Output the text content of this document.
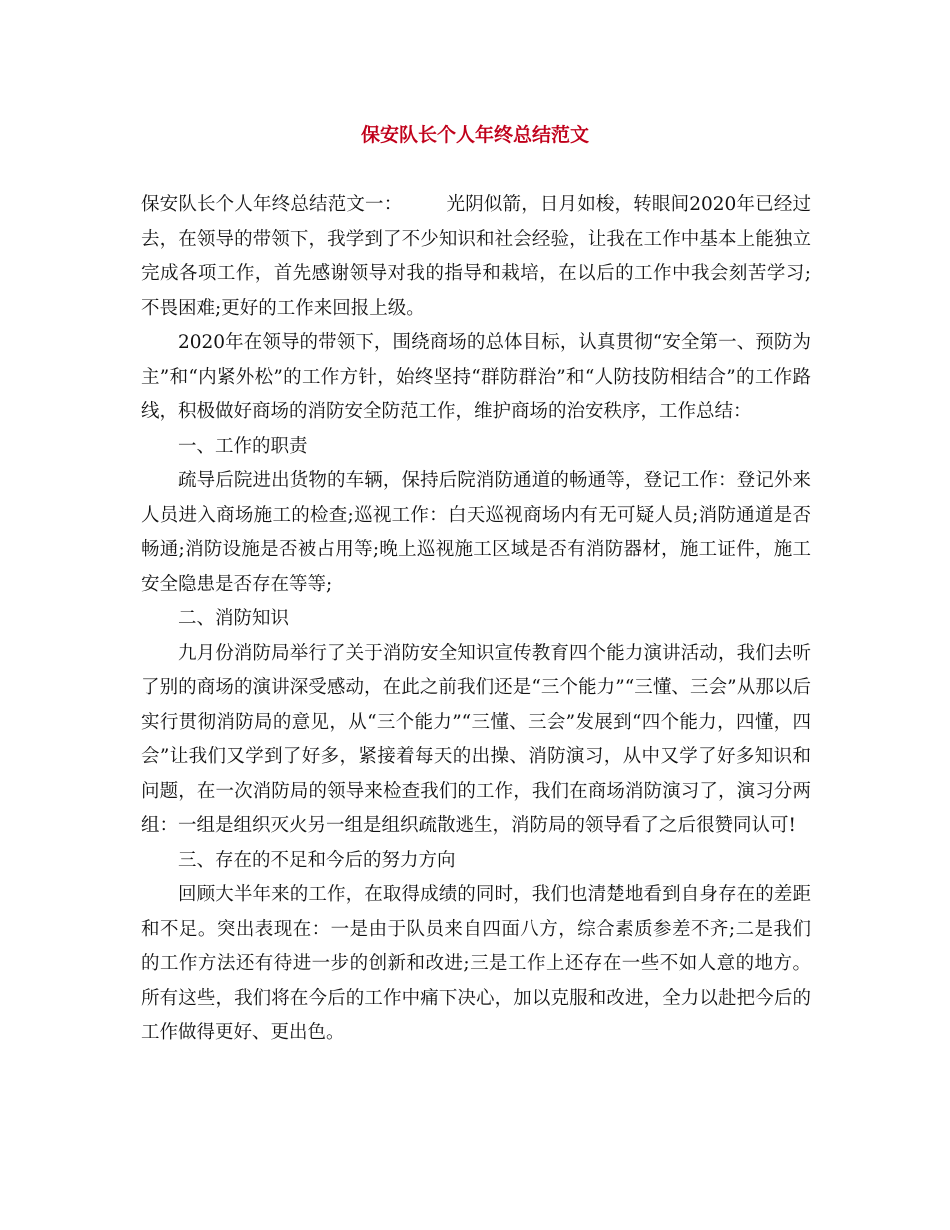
保安队长个人年终总结范文

保安队长个人年终总结范文一： 光阴似箭，日月如梭，转眼间2020年已经过去，在领导的带领下，我学到了不少知识和社会经验，让我在工作中基本上能独立完成各项工作，首先感谢领导对我的指导和栽培，在以后的工作中我会刻苦学习;不畏困难;更好的工作来回报上级。

2020年在领导的带领下，围绕商场的总体目标，认真贯彻“安全第一、预防为主”和“内紧外松”的工作方针，始终坚持“群防群治”和“人防技防相结合”的工作路线，积极做好商场的消防安全防范工作，维护商场的治安秩序，工作总结：

一、工作的职责

疏导后院进出货物的车辆，保持后院消防通道的畅通等，登记工作：登记外来人员进入商场施工的检查;巡视工作：白天巡视商场内有无可疑人员;消防通道是否畅通;消防设施是否被占用等;晚上巡视施工区域是否有消防器材，施工证件，施工安全隐患是否存在等等;

二、消防知识

九月份消防局举行了关于消防安全知识宣传教育四个能力演讲活动，我们去听了别的商场的演讲深受感动，在此之前我们还是“三个能力”“三懂、三会”从那以后实行贯彻消防局的意见，从“三个能力”“三懂、三会”发展到“四个能力，四懂，四会”让我们又学到了好多，紧接着每天的出操、消防演习，从中又学了好多知识和问题，在一次消防局的领导来检查我们的工作，我们在商场消防演习了，演习分两组：一组是组织灭火另一组是组织疏散逃生，消防局的领导看了之后很赞同认可!

三、存在的不足和今后的努力方向

回顾大半年来的工作，在取得成绩的同时，我们也清楚地看到自身存在的差距和不足。突出表现在：一是由于队员来自四面八方，综合素质参差不齐;二是我们的工作方法还有待进一步的创新和改进;三是工作上还存在一些不如人意的地方。所有这些，我们将在今后的工作中痛下决心，加以克服和改进，全力以赴把今后的工作做得更好、更出色。
